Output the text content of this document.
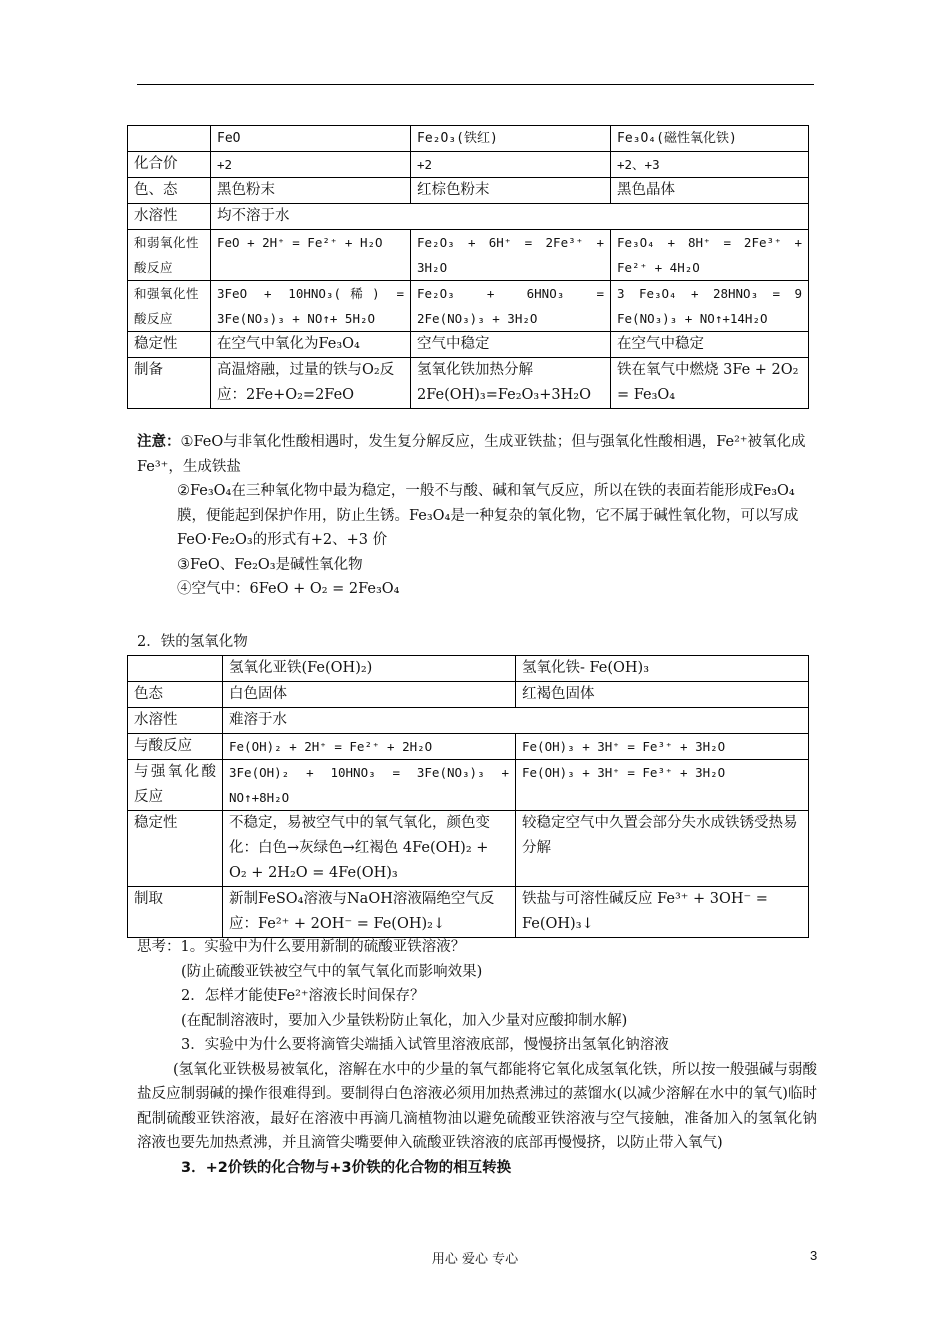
	FeO	Fe₂O₃(铁红)	Fe₃O₄(磁性氧化铁)
化合价	+2	+2	+2、+3
色、态	黑色粉末	红棕色粉末	黑色晶体
水溶性	均不溶于水		
和弱氧化性酸反应	FeO + 2H⁺ = Fe²⁺ + H₂O	Fe₂O₃ + 6H⁺ = 2Fe³⁺ + 3H₂O	Fe₃O₄ + 8H⁺ = 2Fe³⁺ + Fe²⁺ + 4H₂O
和强氧化性酸反应	3FeO + 10HNO₃(稀) = 3Fe(NO₃)₃ + NO↑+ 5H₂O	Fe₂O₃ + 6HNO₃ = 2Fe(NO₃)₃ + 3H₂O	3 Fe₃O₄ + 28HNO₃ = 9 Fe(NO₃)₃ + NO↑+14H₂O
稳定性	在空气中氧化为Fe₃O₄	空气中稳定	在空气中稳定
制备	高温熔融，过量的铁与O₂反应：2Fe+O₂=2FeO	氢氧化铁加热分解 2Fe(OH)₃=Fe₂O₃+3H₂O	铁在氧气中燃烧 3Fe + 2O₂ = Fe₃O₄

注意：①FeO与非氧化性酸相遇时，发生复分解反应，生成亚铁盐；但与强氧化性酸相遇，Fe²⁺被氧化成Fe³⁺，生成铁盐

②Fe₃O₄在三种氧化物中最为稳定，一般不与酸、碱和氧气反应，所以在铁的表面若能形成Fe₃O₄膜，便能起到保护作用，防止生锈。Fe₃O₄是一种复杂的氧化物，它不属于碱性氧化物，可以写成FeO·Fe₂O₃的形式有+2、+3 价

③FeO、Fe₂O₃是碱性氧化物

④空气中：6FeO + O₂ = 2Fe₃O₄

2．铁的氢氧化物
	氢氧化亚铁(Fe(OH)₂)	氢氧化铁- Fe(OH)₃
色态	白色固体	红褐色固体
水溶性	难溶于水	
与酸反应	Fe(OH)₂ + 2H⁺ = Fe²⁺ + 2H₂O	Fe(OH)₃ + 3H⁺ = Fe³⁺ + 3H₂O
与强氧化酸反应	3Fe(OH)₂ + 10HNO₃ = 3Fe(NO₃)₃ + NO↑+8H₂O	Fe(OH)₃ + 3H⁺ = Fe³⁺ + 3H₂O
稳定性	不稳定，易被空气中的氧气氧化，颜色变化：白色→灰绿色→红褐色 4Fe(OH)₂ + O₂ + 2H₂O = 4Fe(OH)₃	较稳定空气中久置会部分失水成铁锈受热易分解
制取	新制FeSO₄溶液与NaOH溶液隔绝空气反应：Fe²⁺ + 2OH⁻ = Fe(OH)₂↓	铁盐与可溶性碱反应 Fe³⁺ + 3OH⁻ = Fe(OH)₃↓

思考：1。实验中为什么要用新制的硫酸亚铁溶液？

(防止硫酸亚铁被空气中的氧气氧化而影响效果)

2．怎样才能使Fe²⁺溶液长时间保存？

(在配制溶液时，要加入少量铁粉防止氧化，加入少量对应酸抑制水解)

3．实验中为什么要将滴管尖端插入试管里溶液底部，慢慢挤出氢氧化钠溶液

(氢氧化亚铁极易被氧化，溶解在水中的少量的氧气都能将它氧化成氢氧化铁，所以按一般强碱与弱酸盐反应制弱碱的操作很难得到。要制得白色溶液必须用加热煮沸过的蒸馏水(以减少溶解在水中的氧气)临时配制硫酸亚铁溶液，最好在溶液中再滴几滴植物油以避免硫酸亚铁溶液与空气接触，准备加入的氢氧化钠溶液也要先加热煮沸，并且滴管尖嘴要伸入硫酸亚铁溶液的底部再慢慢挤，以防止带入氧气)

3．+2价铁的化合物与+3价铁的化合物的相互转换

用心 爱心 专心	3
